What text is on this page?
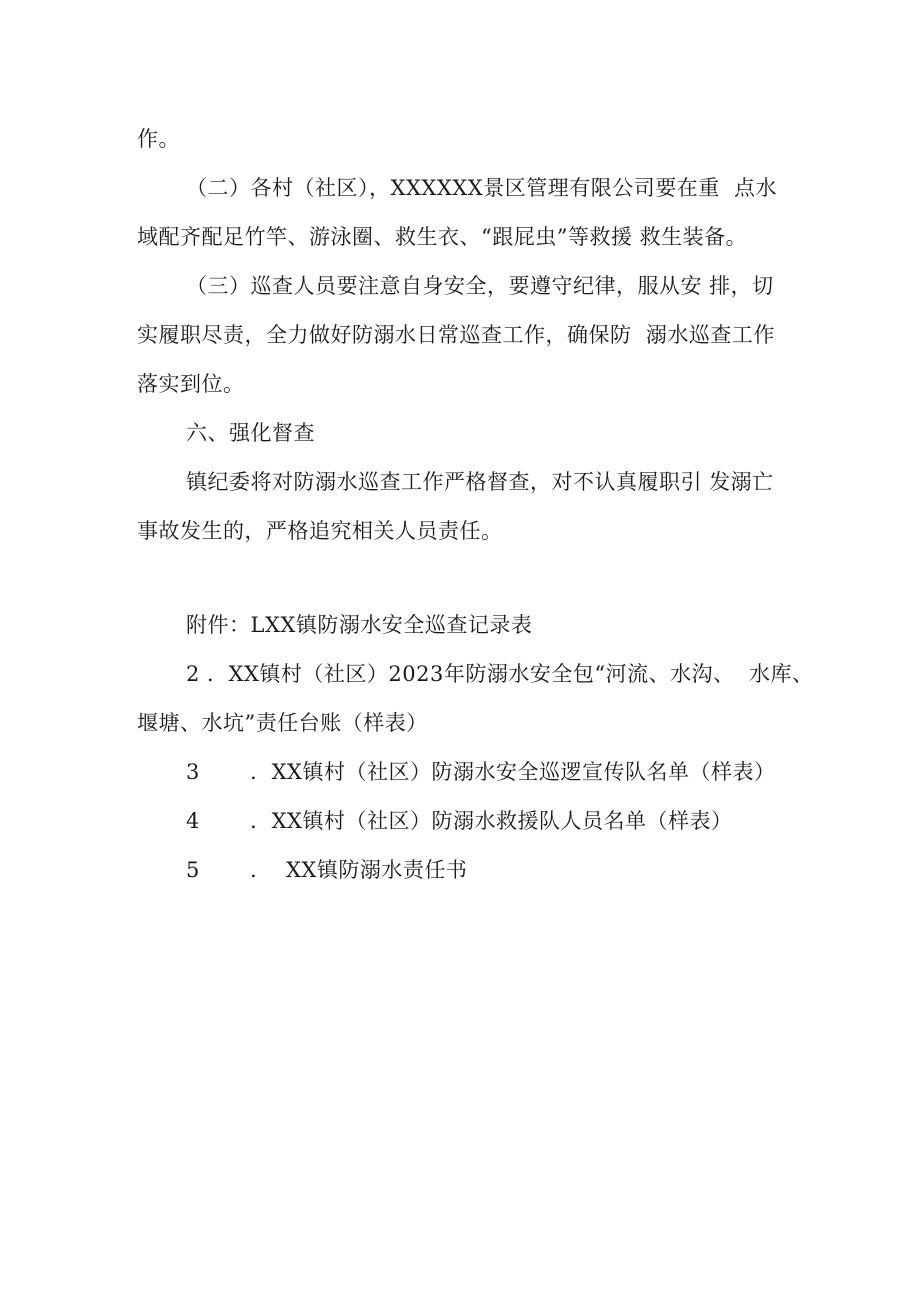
作。
（二）各村（社区），XXXXXX景区管理有限公司要在重  点水
域配齐配足竹竿、游泳圈、救生衣、“跟屁虫”等救援 救生装备。
（三）巡查人员要注意自身安全，要遵守纪律，服从安 排，切
实履职尽责，全力做好防溺水日常巡查工作，确保防  溺水巡查工作
落实到位。
六、强化督查
镇纪委将对防溺水巡查工作严格督查，对不认真履职引 发溺亡
事故发生的，严格追究相关人员责任。
附件：LXX镇防溺水安全巡查记录表
2 ．XX镇村（社区）2023年防溺水安全包“河流、水沟、  水库、
堰塘、水坑”责任台账（样表）
3       ．XX镇村（社区）防溺水安全巡逻宣传队名单（样表）
4       ．XX镇村（社区）防溺水救援队人员名单（样表）
5       ．  XX镇防溺水责任书
